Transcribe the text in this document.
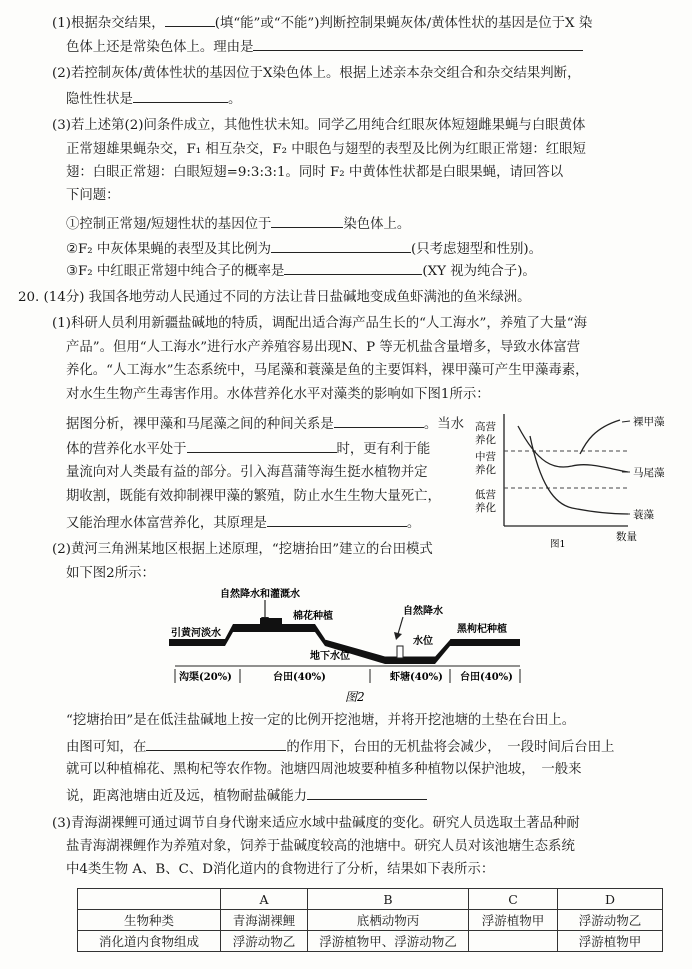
(1)根据杂交结果，	(填“能”或“不能”)判断控制果蝇灰体/黄体性状的基因是位于X 染
色体上还是常染色体上。理由是
(2)若控制灰体/黄体性状的基因位于X染色体上。根据上述亲本杂交组合和杂交结果判断，
隐性性状是	。
(3)若上述第(2)问条件成立，其他性状未知。同学乙用纯合红眼灰体短翅雌果蝇与白眼黄体
正常翅雄果蝇杂交，F₁ 相互杂交，F₂ 中眼色与翅型的表型及比例为红眼正常翅：红眼短
翅：白眼正常翅：白眼短翅=9:3:3:1。同时 F₂ 中黄体性状都是白眼果蝇，请回答以
下问题：
①控制正常翅/短翅性状的基因位于	染色体上。
②F₂ 中灰体果蝇的表型及其比例为	(只考虑翅型和性别)。
③F₂ 中红眼正常翅中纯合子的概率是	(XY 视为纯合子)。
20. (14分) 我国各地劳动人民通过不同的方法让昔日盐碱地变成鱼虾满池的鱼米绿洲。
(1)科研人员利用新疆盐碱地的特质，调配出适合海产品生长的“人工海水”，养殖了大量“海
产品”。但用“人工海水”进行水产养殖容易出现N、P 等无机盐含量增多，导致水体富营
养化。“人工海水”生态系统中，马尾藻和蓑藻是鱼的主要饵料，裸甲藻可产生甲藻毒素，
对水生生物产生毒害作用。水体营养化水平对藻类的影响如下图1所示：
据图分析，裸甲藻和马尾藻之间的种间关系是	。当水
体的营养化水平处于	时，更有利于能
量流向对人类最有益的部分。引入海菖蒲等海生挺水植物并定
期收割，既能有效抑制裸甲藻的繁殖，防止水生生物大量死亡，
又能治理水体富营养化，其原理是	。
(2)黄河三角洲某地区根据上述原理，“挖塘抬田”建立的台田模式
如下图2所示：
高营
养化
中营
养化
低营
养化
裸甲藻
马尾藻
蓑藻
数量
图1
自然降水和灌溉水
自然降水
棉花种植
黑枸杞种植
引黄河淡水
水位
地下水位
沟渠(20%)	台田(40%)	虾塘(40%) 台田(40%)
图2
“挖塘抬田”是在低洼盐碱地上按一定的比例开挖池塘，并将开挖池塘的土垫在台田上。
由图可知，在	的作用下，台田的无机盐将会减少，　一段时间后台田上
就可以种植棉花、黑枸杞等农作物。池塘四周池坡要种植多种植物以保护池坡，　一般来
说，距离池塘由近及远，植物耐盐碱能力
(3)青海湖裸鲤可通过调节自身代谢来适应水域中盐碱度的变化。研究人员选取土著品种耐
盐青海湖裸鲤作为养殖对象，饲养于盐碱度较高的池塘中。研究人员对该池塘生态系统
中4类生物 A、B、C、D消化道内的食物进行了分析，结果如下表所示：
	A	B	C	D
生物种类	青海湖裸鲤	底栖动物丙	浮游植物甲	浮游动物乙
消化道内食物组成	浮游动物乙	浮游植物甲、浮游动物乙		浮游植物甲
